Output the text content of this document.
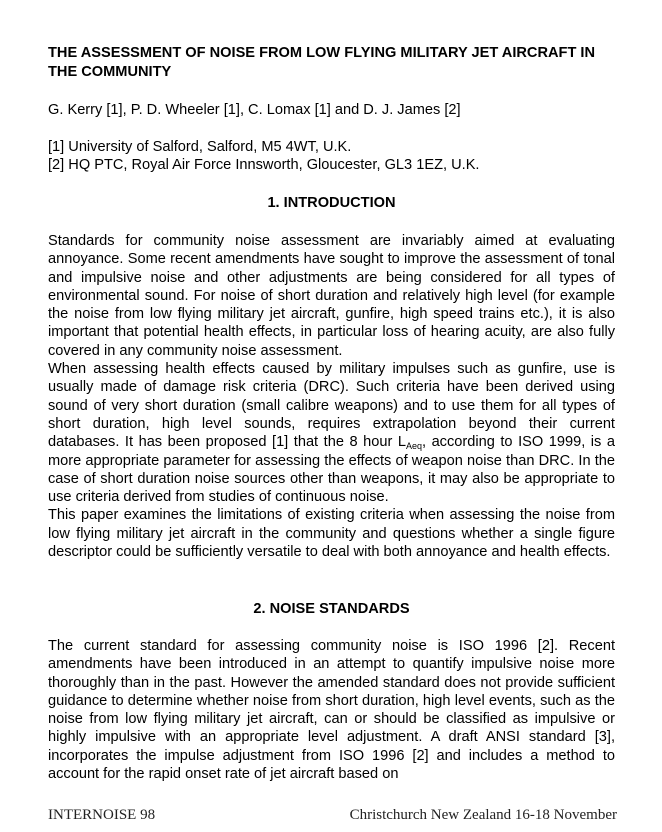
THE ASSESSMENT OF NOISE FROM LOW FLYING MILITARY JET AIRCRAFT IN THE COMMUNITY

G. Kerry [1], P. D. Wheeler [1], C. Lomax [1] and D. J. James [2]

[1] University of Salford, Salford, M5 4WT, U.K.
[2] HQ PTC, Royal Air Force Innsworth, Gloucester, GL3 1EZ, U.K.
1. INTRODUCTION

Standards for community noise assessment are invariably aimed at evaluating annoyance. Some recent amendments have sought to improve the assessment of tonal and impulsive noise and other adjustments are being considered for all types of environmental sound. For noise of short duration and relatively high level (for example the noise from low flying military jet aircraft, gunfire, high speed trains etc.), it is also important that potential health effects, in particular loss of hearing acuity, are also fully covered in any community noise assessment.

When assessing health effects caused by military impulses such as gunfire, use is usually made of damage risk criteria (DRC). Such criteria have been derived using sound of very short duration (small calibre weapons) and to use them for all types of short duration, high level sounds, requires extrapolation beyond their current databases. It has been proposed [1] that the 8 hour $L_{Aeq}$, according to ISO 1999, is a more appropriate parameter for assessing the effects of weapon noise than DRC. In the case of short duration noise sources other than weapons, it may also be appropriate to use criteria derived from studies of continuous noise.

This paper examines the limitations of existing criteria when assessing the noise from low flying military jet aircraft in the community and questions whether a single figure descriptor could be sufficiently versatile to deal with both annoyance and health effects.

2. NOISE STANDARDS

The current standard for assessing community noise is ISO 1996 [2]. Recent amendments have been introduced in an attempt to quantify impulsive noise more thoroughly than in the past. However the amended standard does not provide sufficient guidance to determine whether noise from short duration, high level events, such as the noise from low flying military jet aircraft, can or should be classified as impulsive or highly impulsive with an appropriate level adjustment. A draft ANSI standard [3], incorporates the impulse adjustment from ISO 1996 [2] and includes a method to account for the rapid onset rate of jet aircraft based on

INTERNOISE 98	Christchurch New Zealand 16-18 November
